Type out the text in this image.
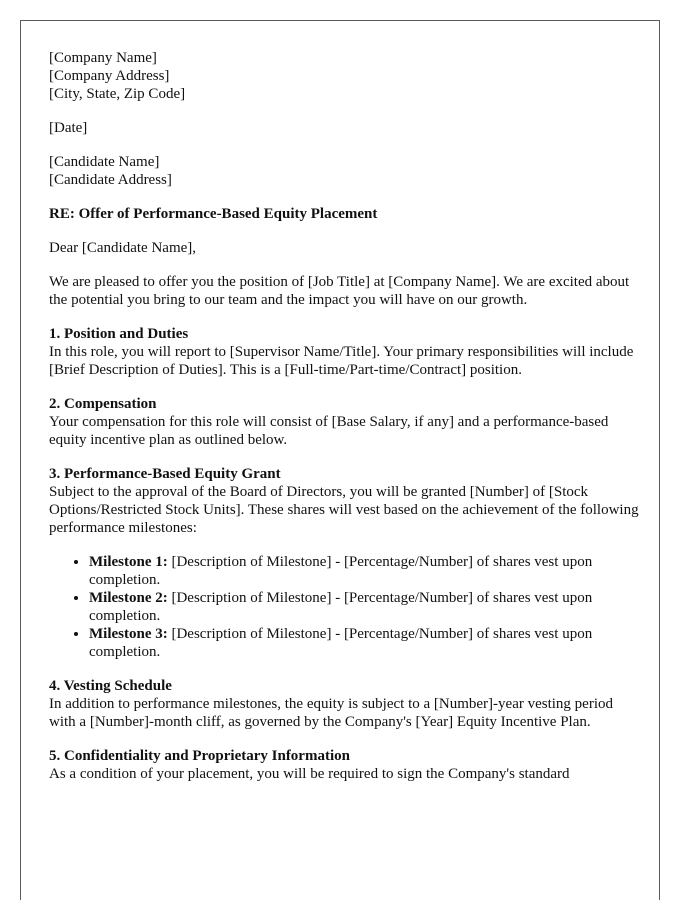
[Company Name]

[Company Address]

[City, State, Zip Code]

[Date]

[Candidate Name]

[Candidate Address]

RE: Offer of Performance-Based Equity Placement

Dear [Candidate Name],

We are pleased to offer you the position of [Job Title] at [Company Name]. We are excited about the potential you bring to our team and the impact you will have on our growth.

1. Position and Duties

In this role, you will report to [Supervisor Name/Title]. Your primary responsibilities will include [Brief Description of Duties]. This is a [Full-time/Part-time/Contract] position.

2. Compensation

Your compensation for this role will consist of [Base Salary, if any] and a performance-based equity incentive plan as outlined below.

3. Performance-Based Equity Grant

Subject to the approval of the Board of Directors, you will be granted [Number] of [Stock Options/Restricted Stock Units]. These shares will vest based on the achievement of the following performance milestones:

• Milestone 1: [Description of Milestone] - [Percentage/Number] of shares vest upon completion.
• Milestone 2: [Description of Milestone] - [Percentage/Number] of shares vest upon completion.
• Milestone 3: [Description of Milestone] - [Percentage/Number] of shares vest upon completion.

4. Vesting Schedule

In addition to performance milestones, the equity is subject to a [Number]-year vesting period with a [Number]-month cliff, as governed by the Company's [Year] Equity Incentive Plan.

5. Confidentiality and Proprietary Information

As a condition of your placement, you will be required to sign the Company's standard
